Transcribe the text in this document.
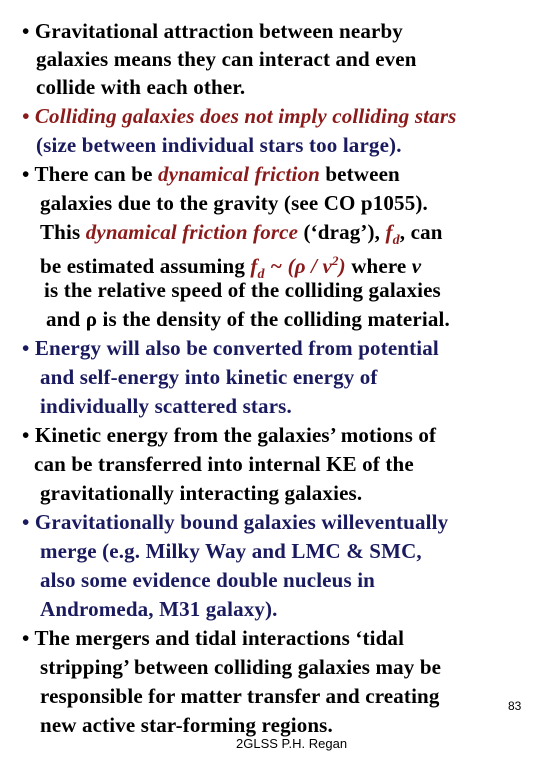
• Gravitational attraction between nearby
galaxies means they can interact and even
collide with each other.
• Colliding galaxies does not imply colliding stars
(size between individual stars too large).
• There can be dynamical friction between
galaxies due to the gravity (see CO p1055).
This dynamical friction force (‘drag’), $f_d$, can
be estimated assuming $f_d$ ~ $(\rho / v^2)$ where v
is the relative speed of the colliding galaxies
and ρ is the density of the colliding material.
• Energy will also be converted from potential
and self-energy into kinetic energy of
individually scattered stars.
• Kinetic energy from the galaxies’ motions of
can be transferred into internal KE of the
gravitationally interacting galaxies.
• Gravitationally bound galaxies willeventually
merge (e.g. Milky Way and LMC & SMC,
also some evidence double nucleus in
Andromeda, M31 galaxy).
• The mergers and tidal interactions ‘tidal
stripping’ between colliding galaxies may be
responsible for matter transfer and creating
new active star-forming regions.
83
2GLSS P.H. Regan
